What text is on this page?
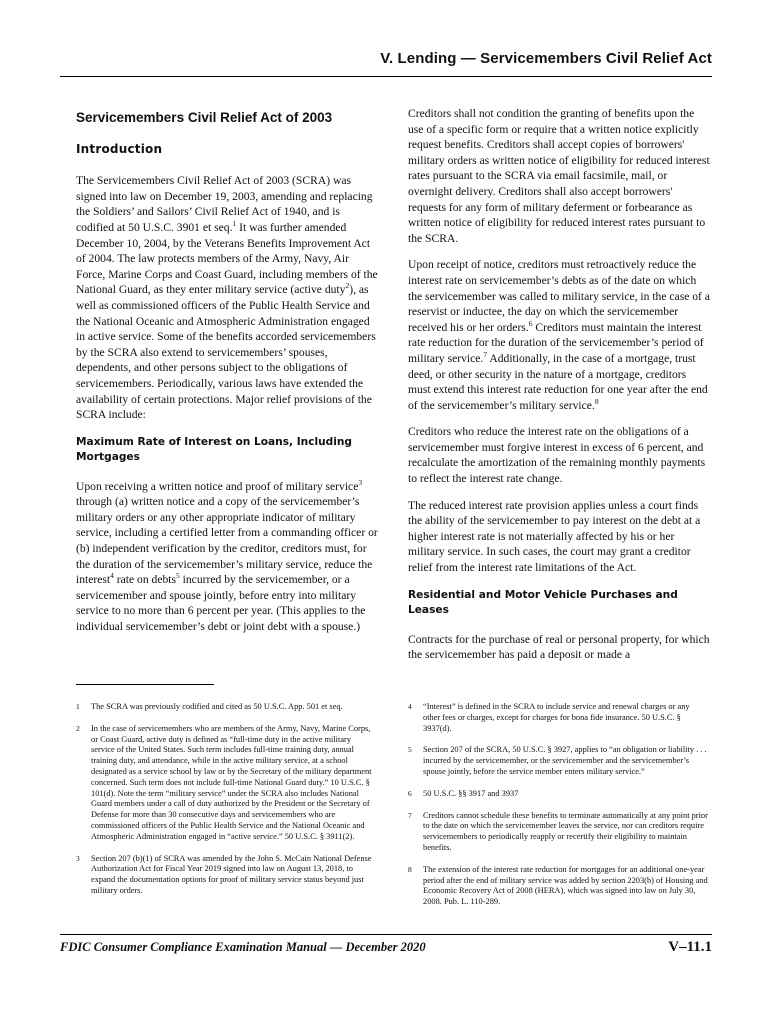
V. Lending — Servicemembers Civil Relief Act
Servicemembers Civil Relief Act of 2003
Introduction

The Servicemembers Civil Relief Act of 2003 (SCRA) was signed into law on December 19, 2003, amending and replacing the Soldiers’ and Sailors’ Civil Relief Act of 1940, and is codified at 50 U.S.C. 3901 et seq.$^1$ It was further amended December 10, 2004, by the Veterans Benefits Improvement Act of 2004. The law protects members of the Army, Navy, Air Force, Marine Corps and Coast Guard, including members of the National Guard, as they enter military service (active duty$^2$), as well as commissioned officers of the Public Health Service and the National Oceanic and Atmospheric Administration engaged in active service. Some of the benefits accorded servicemembers by the SCRA also extend to servicemembers’ spouses, dependents, and other persons subject to the obligations of servicemembers. Periodically, various laws have extended the availability of certain protections. Major relief provisions of the SCRA include:

Maximum Rate of Interest on Loans, Including Mortgages

Upon receiving a written notice and proof of military service$^3$ through (a) written notice and a copy of the servicemember’s military orders or any other appropriate indicator of military service, including a certified letter from a commanding officer or (b) independent verification by the creditor, creditors must, for the duration of the servicemember’s military service, reduce the interest$^4$ rate on debts$^5$ incurred by the servicemember, or a servicemember and spouse jointly, before entry into military service to no more than 6 percent per year. (This applies to the individual servicemember’s debt or joint debt with a spouse.)

Creditors shall not condition the granting of benefits upon the use of a specific form or require that a written notice explicitly request benefits. Creditors shall accept copies of borrowers' military orders as written notice of eligibility for reduced interest rates pursuant to the SCRA via email facsimile, mail, or overnight delivery. Creditors shall also accept borrowers' requests for any form of military deferment or forbearance as written notice of eligibility for reduced interest rates pursuant to the SCRA.

Upon receipt of notice, creditors must retroactively reduce the interest rate on servicemember’s debts as of the date on which the servicemember was called to military service, in the case of a reservist or inductee, the day on which the servicemember received his or her orders.$^6$ Creditors must maintain the interest rate reduction for the duration of the servicemember’s period of military service.$^7$ Additionally, in the case of a mortgage, trust deed, or other security in the nature of a mortgage, creditors must extend this interest rate reduction for one year after the end of the servicemember’s military service.$^8$

Creditors who reduce the interest rate on the obligations of a servicemember must forgive interest in excess of 6 percent, and recalculate the amortization of the remaining monthly payments to reflect the interest rate change.

The reduced interest rate provision applies unless a court finds the ability of the servicemember to pay interest on the debt at a higher interest rate is not materially affected by his or her military service. In such cases, the court may grant a creditor relief from the interest rate limitations of the Act.

Residential and Motor Vehicle Purchases and Leases

Contracts for the purchase of real or personal property, for which the servicemember has paid a deposit or made a

1	The SCRA was previously codified and cited as 50 U.S.C. App. 501 et seq.
2	In the case of servicemembers who are members of the Army, Navy, Marine Corps, or Coast Guard, active duty is defined as “full-time duty in the active military service of the United States. Such term includes full-time training duty, annual training duty, and attendance, while in the active military service, at a school designated as a service school by law or by the Secretary of the military department concerned. Such term does not include full-time National Guard duty.” 10 U.S.C. § 101(d). Note the term “military service” under the SCRA also includes National Guard members under a call of duty authorized by the President or the Secretary of Defense for more than 30 consecutive days and servicemembers who are commissioned officers of the Public Health Service and the National Oceanic and Atmospheric Administration engaged in “active service.” 50 U.S.C. § 3911(2).
3	Section 207 (b)(1) of SCRA was amended by the John S. McCain National Defense Authorization Act for Fiscal Year 2019 signed into law on August 13, 2018, to expand the documentation options for proof of military service status beyond just military orders.
4	“Interest” is defined in the SCRA to include service and renewal charges or any other fees or charges, except for charges for bona fide insurance. 50 U.S.C. § 3937(d).
5	Section 207 of the SCRA, 50 U.S.C. § 3927, applies to “an obligation or liability . . . incurred by the servicemember, or the servicemember and the servicemember’s spouse jointly, before the service member enters military service.”
6	50 U.S.C. §§ 3917 and 3937
7	Creditors cannot schedule these benefits to terminate automatically at any point prior to the date on which the servicemember leaves the service, nor can creditors require servicemembers to periodically reapply or recertify their eligibility to maintain benefits.
8	The extension of the interest rate reduction for mortgages for an additional one-year period after the end of military service was added by section 2203(b) of Housing and Economic Recovery Act of 2008 (HERA), which was signed into law on July 30, 2008. Pub. L. 110-289.
FDIC Consumer Compliance Examination Manual — December 2020	V–11.1
